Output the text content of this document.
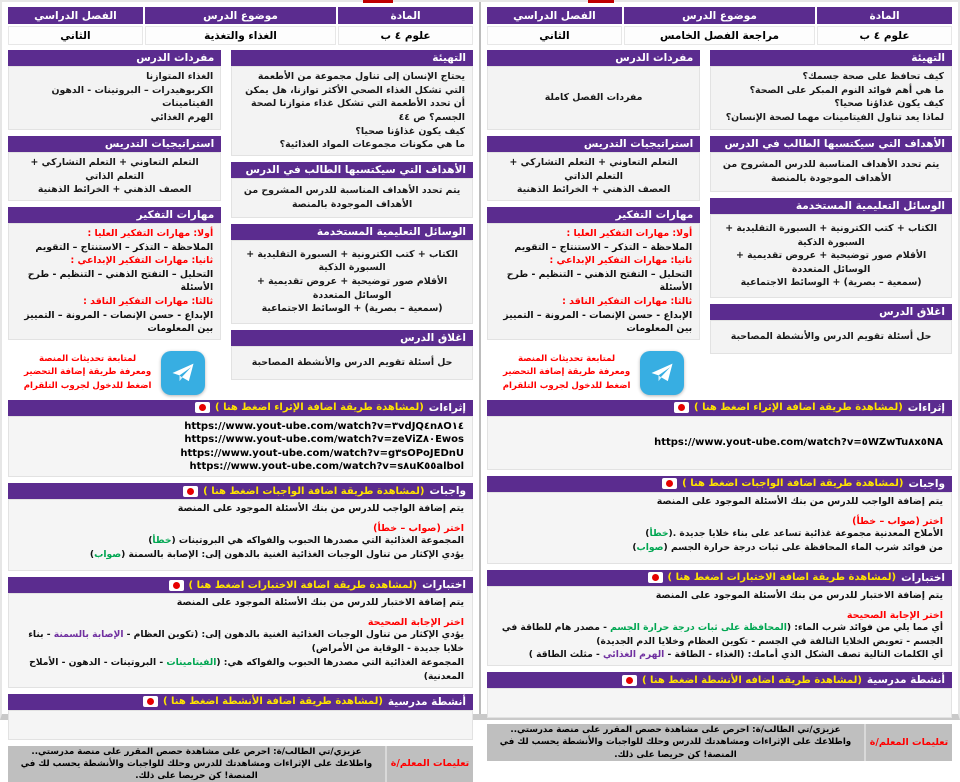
المادة
موضوع الدرس
الفصل الدراسي
علوم ٤ ب
الغذاء والتغذية
الثاني
التهيئة
يحتاج الإنسان إلى تناول مجموعة من الأطعمة التي تشكل الغذاء الصحي الأكثر توازنا، هل يمكن أن تحدد الأطعمة التي تشكل غذاء متوازنا لصحة الجسم؟ ص ٤٤
كيف يكون غذاؤنا صحيا؟
ما هي مكونات مجموعات المواد الغذائية؟
الأهداف التي سيكتسبها الطالب في الدرس
يتم تحدد الأهداف المناسبة للدرس المشروح من الأهداف الموجودة بالمنصة
الوسائل التعليمية المستخدمة
الكتاب + كتب الكترونية + السبورة التقليدية + السبورة الذكية
الأقلام صور توضيحية + عروض تقديمية + الوسائل المتعددة
(سمعية – بصرية) + الوسائط الاجتماعية
اغلاق الدرس
حل أسئلة تقويم الدرس والأنشطة المصاحبة
مفردات الدرس
الغذاء المتوازنا
الكربوهيدرات – البروتينات - الدهون
الفيتامينات
الهرم الغذائي
استراتيجيات التدريس
التعلم التعاوني + التعلم التشاركي + التعلم الذاتي
العصف الذهني + الخرائط الذهنية
مهارات التفكير
أولا: مهارات التفكير العليا :
الملاحظة – التذكر – الاستنتاج – التقويم
ثانيا: مهارات التفكير الإبداعي :
التحليل – التفتح الذهني – التنظيم - طرح الأسئلة
ثالثا: مهارات التفكير الناقد :
الإبداع - حسن الإنصات - المرونة – التمييز بين المعلومات
لمتابعة تحديثات المنصة
ومعرفة طريقة إضافة التحضير
اضغط للدخول لجروب التلقرام
إثراءات
(لمشاهدة طريقة اضافة الإثراء اضغط هنا )
https://www.yout-ube.com/watch?v=٣vdJQ٤n٨O١٤
https://www.yout-ube.com/watch?v=zeViZ٨٠Ewos
https://www.yout-ube.com/watch?v=g٣sOPoJEDnU
https://www.yout-ube.com/watch?v=s٨uK٥٥albol
واجبات
(لمشاهدة طريقة اضافة الواجبات اضغط هنا )
يتم إضافة الواجب للدرس من بنك الأسئلة الموجود على المنصة
اختر (صواب – خطأ)
المجموعة الغذائية التي مصدرها الحبوب والفواكه هي البروتينات (خطأ)
يؤدي الإكثار من تناول الوجبات الغذائية الغنية بالدهون إلى: الإصابة بالسمنة (صواب)
اختبارات
(لمشاهدة طريقة اضافة الاختبارات اضغط هنا )
يتم إضافة الاختبار للدرس من بنك الأسئلة الموجود على المنصة
اختر الإجابة الصحيحة
يؤدي الإكثار من تناول الوجبات الغذائية الغنية بالدهون إلى: (تكوين العظام - الإصابة بالسمنة - بناء خلايا جديدة - الوقاية من الأمراض)
المجموعة الغذائية التي مصدرها الحبوب والفواكه هي: (الفيتامينات - البروتينات - الدهون - الأملاح المعدنية)
أنشطة مدرسية
(لمشاهدة طريقة اضافة الأنشطة اضغط هنا )
تعليمات المعلم/ة
عزيزي/تي الطالب/ة: احرص على مشاهدة حصص المقرر على منصة مدرستي..
واطلاعك على الإثراءات ومشاهدتك للدرس وحلك للواجبات والأنشطة يحسب لك في المنصة! كن حريصا على ذلك.
المادة
موضوع الدرس
الفصل الدراسي
علوم ٤ ب
مراجعة الفصل الخامس
الثاني
التهيئة
كيف تحافظ على صحة جسمك؟
ما هي أهم فوائد النوم المبكر على الصحة؟
كيف يكون غذاؤنا صحيا؟
لماذا يعد تناول الفيتامينات مهما لصحة الإنسان؟
الأهداف التي سيكتسبها الطالب في الدرس
يتم تحدد الأهداف المناسبة للدرس المشروح من الأهداف الموجودة بالمنصة
الوسائل التعليمية المستخدمة
الكتاب + كتب الكترونية + السبورة التقليدية + السبورة الذكية
الأقلام صور توضيحية + عروض تقديمية + الوسائل المتعددة
(سمعية – بصرية) + الوسائط الاجتماعية
اغلاق الدرس
حل أسئلة تقويم الدرس والأنشطة المصاحبة
مفردات الدرس
مفردات الفصل كاملة
استراتيجيات التدريس
التعلم التعاوني + التعلم التشاركي + التعلم الذاتي
العصف الذهني + الخرائط الذهنية
مهارات التفكير
أولا: مهارات التفكير العليا :
الملاحظة – التذكر – الاستنتاج – التقويم
ثانيا: مهارات التفكير الإبداعي :
التحليل – التفتح الذهني – التنظيم - طرح الأسئلة
ثالثا: مهارات التفكير الناقد :
الإبداع - حسن الإنصات - المرونة – التمييز بين المعلومات
لمتابعة تحديثات المنصة
ومعرفة طريقة إضافة التحضير
اضغط للدخول لجروب التلقرام
إثراءات
(لمشاهدة طريقة اضافة الإثراء اضغط هنا )
https://www.yout-ube.com/watch?v=٥WZwTu٨x٥NA
واجبات
(لمشاهدة طريقة اضافة الواجبات اضغط هنا )
يتم إضافة الواجب للدرس من بنك الأسئلة الموجود على المنصة
اختر (صواب – خطأ)
الأملاح المعدنية مجموعة غذائية تساعد على بناء خلايا جديدة .(خطأ)
من فوائد شرب الماء المحافظة على ثبات درجة حرارة الجسم (صواب)
اختبارات
(لمشاهدة طريقة اضافة الاختبارات اضغط هنا )
يتم إضافة الاختبار للدرس من بنك الأسئلة الموجود على المنصة
اختر الإجابة الصحيحة
أي مما يلي من فوائد شرب الماء: (المحافظة على ثبات درجة حرارة الجسم - مصدر هام للطاقة في الجسم - تعويض الخلايا التالفة في الجسم - تكوين العظام وخلايا الدم الجديدة)
أي الكلمات التالية تصف الشكل الذي أمامك: (الغذاء - الطاقة - الهرم الغذائي - مثلث الطاقة )
أنشطة مدرسية
(لمشاهدة طريقه اضافه الأنشطة اضغط هنا )
تعليمات المعلم/ة
عزيزي/تي الطالب/ة: احرص على مشاهدة حصص المقرر على منصة مدرستي..
واطلاعك على الإثراءات ومشاهدتك للدرس وحلك للواجبات والأنشطة يحسب لك في المنصة! كن حريصا على ذلك.
